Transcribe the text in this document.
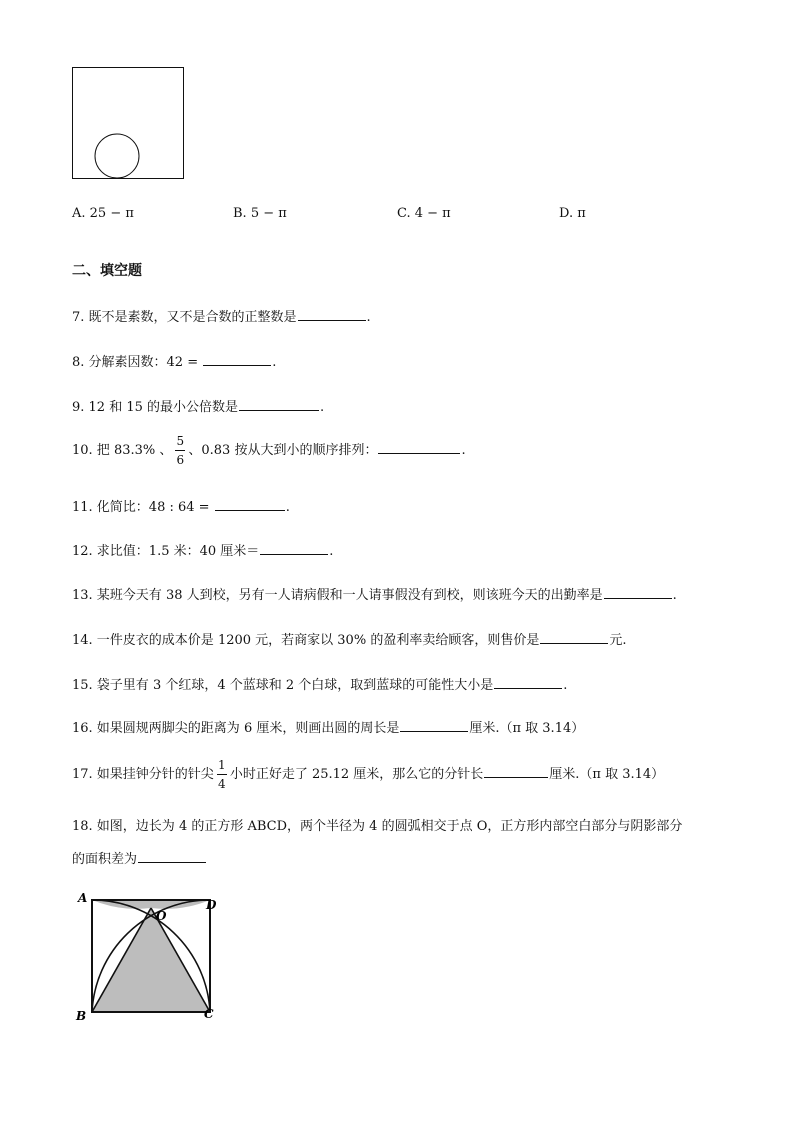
A. 25 − π	B. 5 − π	C. 4 − π	D. π
二、填空题
7. 既不是素数，又不是合数的正整数是	.
8. 分解素因数：42 =	.
9. 12 和 15 的最小公倍数是	.
10. 把 83.3% 、 $\frac{5}{6}$ 、0.83 按从大到小的顺序排列：	.
11. 化简比：48 : 64 =	.
12. 求比值：1.5 米：40 厘米＝	.
13. 某班今天有 38 人到校，另有一人请病假和一人请事假没有到校，则该班今天的出勤率是	.
14. 一件皮衣的成本价是 1200 元，若商家以 30% 的盈利率卖给顾客，则售价是	元.
15. 袋子里有 3 个红球，4 个蓝球和 2 个白球，取到蓝球的可能性大小是	.
16. 如果圆规两脚尖的距离为 6 厘米，则画出圆的周长是	厘米.（π 取 3.14）
17. 如果挂钟分针的针尖 $\frac{1}{4}$ 小时正好走了 25.12 厘米，那么它的分针长	厘米.（π 取 3.14）
18. 如图，边长为 4 的正方形 ABCD，两个半径为 4 的圆弧相交于点 O，正方形内部空白部分与阴影部分
的面积差为
A	D
B	C
O
